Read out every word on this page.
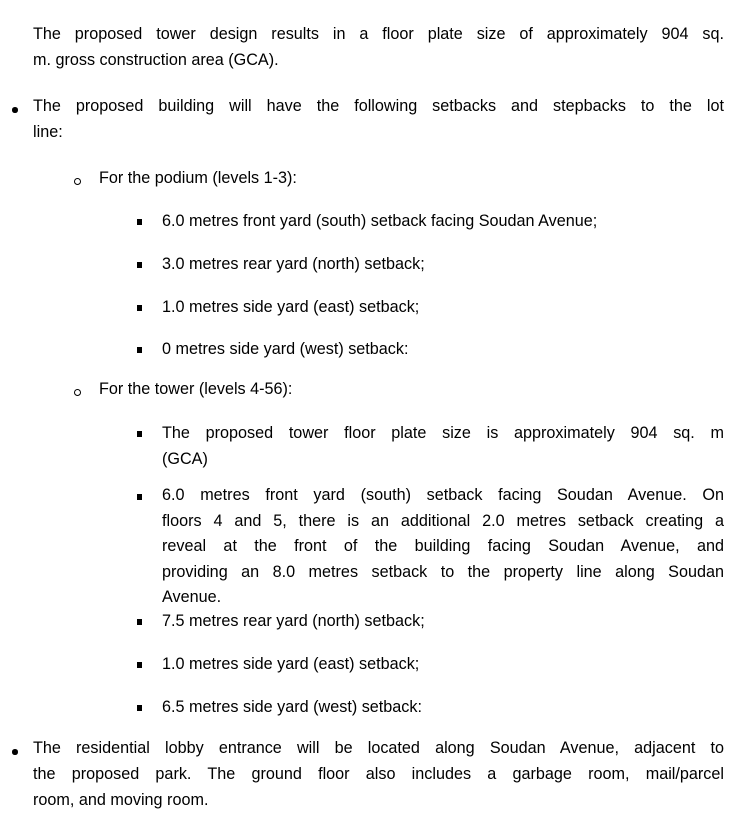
The proposed tower design results in a floor plate size of approximately 904 sq.
m. gross construction area (GCA).
The proposed building will have the following setbacks and stepbacks to the lot
line:
For the podium (levels 1-3):
6.0 metres front yard (south) setback facing Soudan Avenue;
3.0 metres rear yard (north) setback;
1.0 metres side yard (east) setback;
0 metres side yard (west) setback:
For the tower (levels 4-56):
The proposed tower floor plate size is approximately 904 sq. m
(GCA)
6.0 metres front yard (south) setback facing Soudan Avenue. On
floors 4 and 5, there is an additional 2.0 metres setback creating a
reveal at the front of the building facing Soudan Avenue, and
providing an 8.0 metres setback to the property line along Soudan
Avenue.
7.5 metres rear yard (north) setback;
1.0 metres side yard (east) setback;
6.5 metres side yard (west) setback:
The residential lobby entrance will be located along Soudan Avenue, adjacent to
the proposed park. The ground floor also includes a garbage room, mail/parcel
room, and moving room.
